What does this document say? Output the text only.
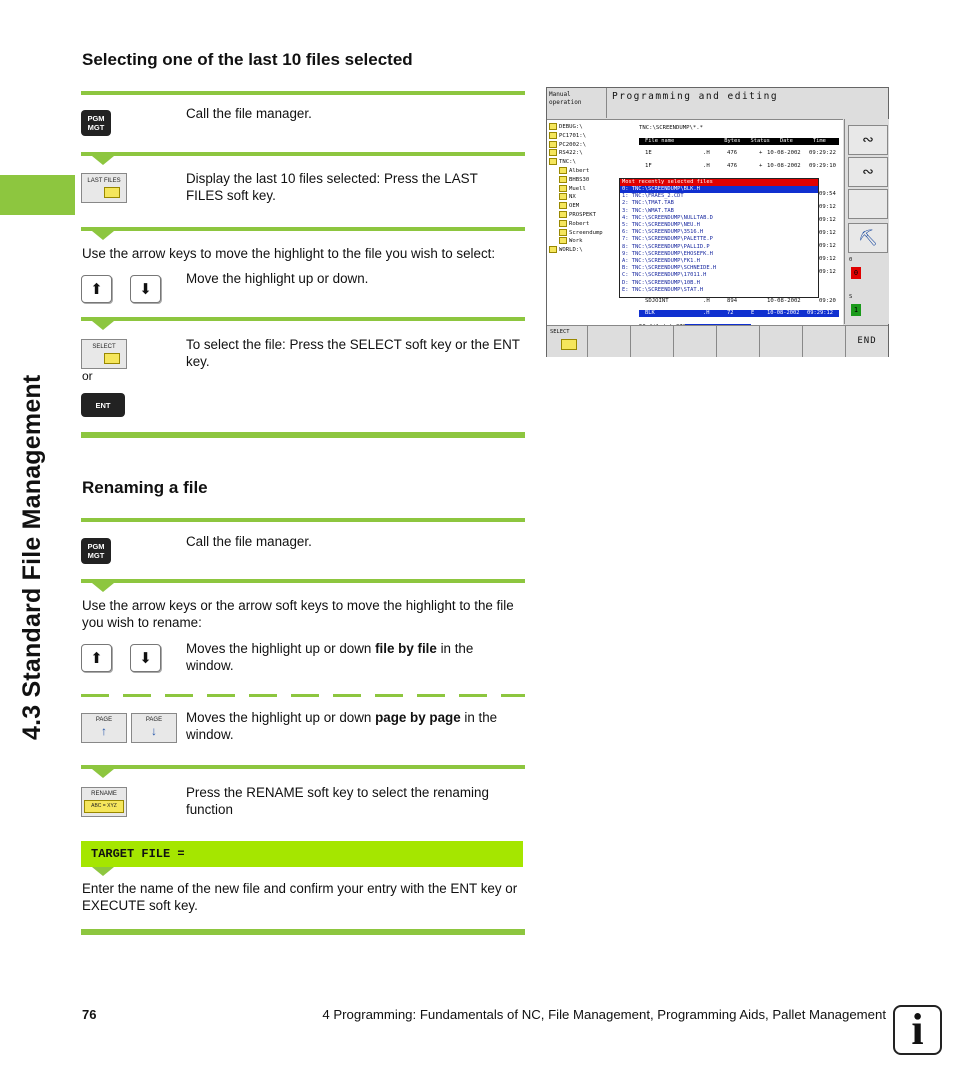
4.3 Standard File Management
Selecting one of the last 10 files selected
PGM MGT
Call the file manager.
LAST FILES	Display the last 10 files selected: Press the LAST FILES soft key.
Use the arrow keys to move the highlight to the file you wish to select:
⬆ ⬇
Move the highlight up or down.
SELECT	To select the file: Press the SELECT soft key or the ENT key.
or
ENT
Renaming a file
PGM MGT
Call the file manager.
Use the arrow keys or the arrow soft keys to move the highlight to the file you wish to rename:
⬆ ⬇
Moves the highlight up or down file by file in the window.
PAGE
↑
PAGE
↓
Moves the highlight up or down page by page in the window.
RENAME
ABC = XYZ
Press the RENAME soft key to select the renaming function
TARGET FILE =
Enter the name of the new file and confirm your entry with the ENT key or EXECUTE soft key.
Manual operation
Programming and editing
DEBUG:\
PC1701:\
PC2002:\
RS422:\
TNC:\
Albert
BHBS30
Muell
NX
OEM
PROSPEKT
Robert
Screendump
Work
WORLD:\
TNC:\SCREENDUMP\*.*
File name	Bytes Status Date	Time
1E	.H	476	+ 10-08-2002 09:29:22
1F	.H	476	+ 10-08-2002 09:29:10
09:54
09:12
09:12
09:12
09:12
09:12
09:12
Most recently selected files
0: TNC:\SCREENDUMP\BLK.H
1: TNC:\FRAES_2.CDT
2: TNC:\TMAT.TAB
3: TNC:\WMAT.TAB
4: TNC:\SCREENDUMP\NULLTAB.D
5: TNC:\SCREENDUMP\NEU.H
6: TNC:\SCREENDUMP\3516.H
7: TNC:\SCREENDUMP\PALETTE.P
8: TNC:\SCREENDUMP\PALLID.P
9: TNC:\SCREENDUMP\EHOSEFK.H
A: TNC:\SCREENDUMP\FK1.H
B: TNC:\SCREENDUMP\SCHNEIDE.H
C: TNC:\SCREENDUMP\17011.H
D: TNC:\SCREENDUMP\10B.H
E: TNC:\SCREENDUMP\STAT.H
SDJOINT	.H	894	10-08-2002	09:20
BLK	.H	72	E 10-08-2002 09:29:12
∾
∾
⛏
0
0
S
1
SELECT
END
76	4 Programming: Fundamentals of NC, File Management, Programming Aids, Pallet Management i
